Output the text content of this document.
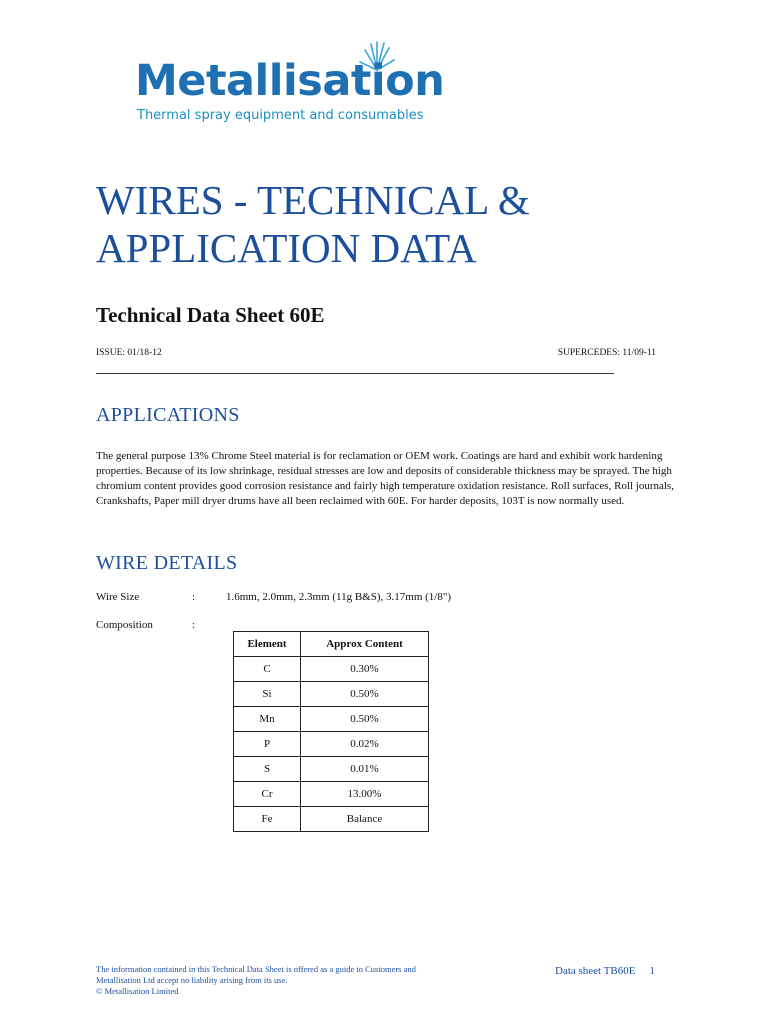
Metallisation
Thermal spray equipment and consumables
WIRES - TECHNICAL & APPLICATION DATA
Technical Data Sheet 60E
ISSUE: 01/18-12	SUPERCEDES: 11/09-11
APPLICATIONS

The general purpose 13% Chrome Steel material is for reclamation or OEM work. Coatings are hard and exhibit work hardening properties. Because of its low shrinkage, residual stresses are low and deposits of considerable thickness may be sprayed. The high chromium content provides good corrosion resistance and fairly high temperature oxidation resistance. Roll surfaces, Roll journals, Crankshafts, Paper mill dryer drums have all been reclaimed with 60E. For harder deposits, 103T is now normally used.

WIRE DETAILS
Wire Size	:	1.6mm, 2.0mm, 2.3mm (11g B&S), 3.17mm (1/8")
Composition	:
Element	Approx Content
C	0.30%
Si	0.50%
Mn	0.50%
P	0.02%
S	0.01%
Cr	13.00%
Fe	Balance
The information contained in this Technical Data Sheet is offered as a guide to Customers and
Metallisation Ltd accept no liability arising from its use.
© Metallisation Limited
Data sheet TB60E 1
